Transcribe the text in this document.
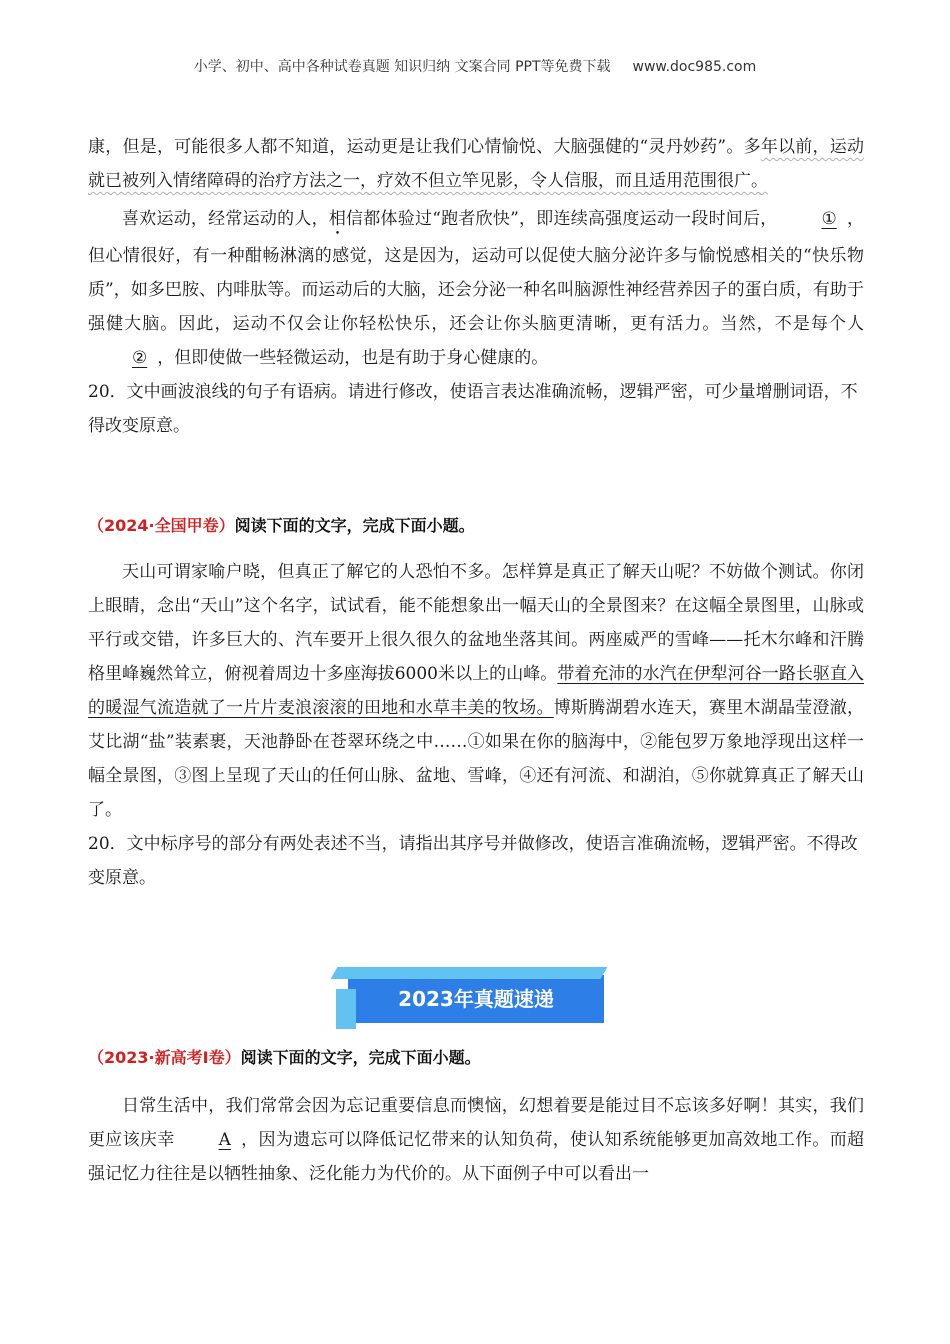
小学、初中、高中各种试卷真题 知识归纳 文案合同 PPT等免费下载 www.doc985.com

康，但是，可能很多人都不知道，运动更是让我们心情愉悦、大脑强健的“灵丹妙药”。多年以前，运动就已被列入情绪障碍的治疗方法之一，疗效不但立竿见影，令人信服，而且适用范围很广。

喜欢运动，经常运动的人，相信都体验过“跑者欣快”，即连续高强度运动一段时间后，	① ，但心情很好，有一种酣畅淋漓的感觉，这是因为，运动可以促使大脑分泌许多与愉悦感相关的“快乐物质”，如多巴胺、内啡肽等。而运动后的大脑，还会分泌一种名叫脑源性神经营养因子的蛋白质，有助于强健大脑。因此，运动不仅会让你轻松快乐，还会让你头脑更清晰，更有活力。当然，不是每个人② ，但即使做一些轻微运动，也是有助于身心健康的。

20．文中画波浪线的句子有语病。请进行修改，使语言表达准确流畅，逻辑严密，可少量增删词语，不得改变原意。

（2024·全国甲卷）阅读下面的文字，完成下面小题。

天山可谓家喻户晓，但真正了解它的人恐怕不多。怎样算是真正了解天山呢？不妨做个测试。你闭上眼睛，念出“天山”这个名字，试试看，能不能想象出一幅天山的全景图来？在这幅全景图里，山脉或平行或交错，许多巨大的、汽车要开上很久很久的盆地坐落其间。两座威严的雪峰——托木尔峰和汗腾格里峰巍然耸立，俯视着周边十多座海拔6000米以上的山峰。带着充沛的水汽在伊犁河谷一路长驱直入的暖湿气流造就了一片片麦浪滚滚的田地和水草丰美的牧场。博斯腾湖碧水连天，赛里木湖晶莹澄澈，艾比湖“盐”装素裹，天池静卧在苍翠环绕之中……①如果在你的脑海中，②能包罗万象地浮现出这样一幅全景图，③图上呈现了天山的任何山脉、盆地、雪峰，④还有河流、和湖泊，⑤你就算真正了解天山了。

20．文中标序号的部分有两处表述不当，请指出其序号并做修改，使语言准确流畅，逻辑严密。不得改变原意。

2023年真题速递

（2023·新高考Ⅰ卷）阅读下面的文字，完成下面小题。

日常生活中，我们常常会因为忘记重要信息而懊恼，幻想着要是能过目不忘该多好啊！其实，我们更应该庆幸	A ，因为遗忘可以降低记忆带来的认知负荷，使认知系统能够更加高效地工作。而超强记忆力往往是以牺牲抽象、泛化能力为代价的。从下面例子中可以看出一
